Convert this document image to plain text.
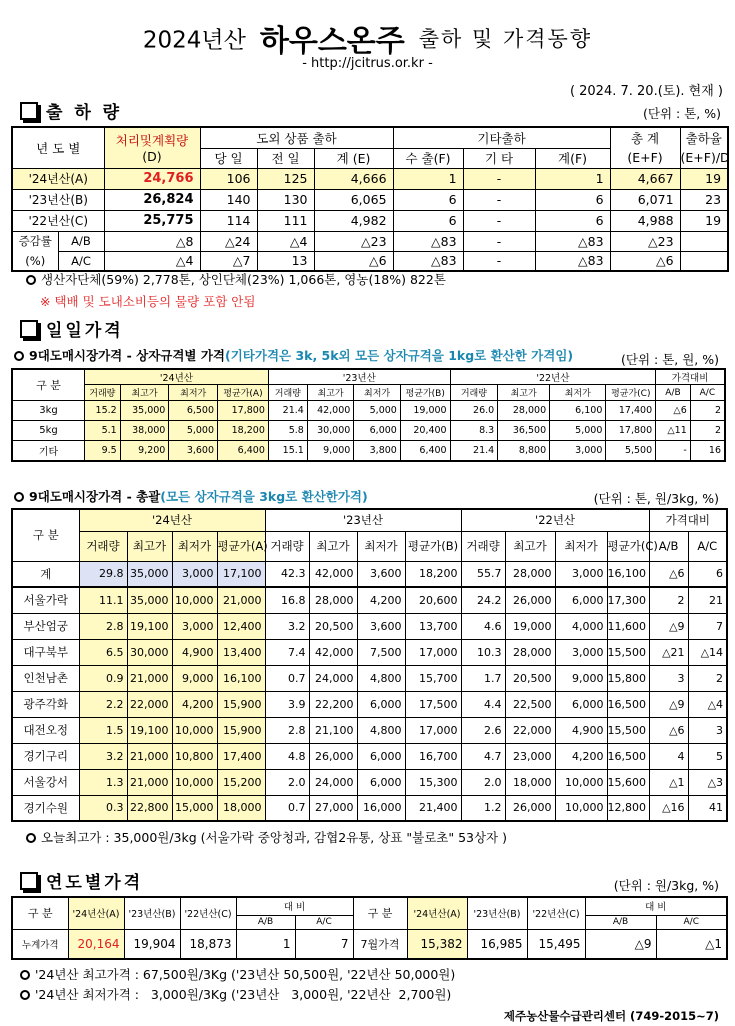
2024년산 하우스온주 출하 및 가격동향
- http://jcitrus.or.kr -
( 2024. 7. 20.(토). 현재 )
출 하 량	(단위 : 톤, %)
년 도 별		처리및계획량
(D)	도외 상품 출하			기타출하			총 계	출하율
			당 일	전 일	계 (E)	수 출(F)	기 타	계(F)	(E+F)	(E+F)/D
'24년산(A)		24,766	106	125	4,666	1	-	1	4,667	19
'23년산(B)		26,824	140	130	6,065	6	-	6	6,071	23
'22년산(C)		25,775	114	111	4,982	6	-	6	4,988	19
증감률	A/B	△8	△24	△4	△23	△83	-	△83	△23	
(%)	A/C	△4	△7	13	△6	△83	-	△83	△6	
생산자단체(59%) 2,778톤, 상인단체(23%) 1,066톤, 영농(18%) 822톤
※ 택배 및 도내소비등의 물량 포함 안됨
일일가격
9대도매시장가격 - 상자규격별 가격(기타가격은 3k, 5k외 모든 상자규격을 1kg로 환산한 가격임)	(단위 : 톤, 원, %)
구 분	'24년산				'23년산				'22년산				가격대비	
	거래량	최고가	최저가	평균가(A)	거래량	최고가	최저가	평균가(B)	거래량	최고가	최저가	평균가(C)	A/B	A/C
3kg	15.2	35,000	6,500	17,800	21.4	42,000	5,000	19,000	26.0	28,000	6,100	17,400	△6	2
5kg	5.1	38,000	5,000	18,200	5.8	30,000	6,000	20,400	8.3	36,500	5,000	17,800	△11	2
기타	9.5	9,200	3,600	6,400	15.1	9,000	3,800	6,400	21.4	8,800	3,000	5,500	-	16
9대도매시장가격 - 총괄(모든 상자규격을 3kg로 환산한가격)	(단위 : 톤, 원/3kg, %)
구 분	'24년산				'23년산				'22년산				가격대비	
	거래량	최고가	최저가	평균가(A)	거래량	최고가	최저가	평균가(B)	거래량	최고가	최저가	평균가(C)	A/B	A/C
계	29.8	35,000	3,000	17,100	42.3	42,000	3,600	18,200	55.7	28,000	3,000	16,100	△6	6
서울가락	11.1	35,000	10,000	21,000	16.8	28,000	4,200	20,600	24.2	26,000	6,000	17,300	2	21
부산엄궁	2.8	19,100	3,000	12,400	3.2	20,500	3,600	13,700	4.6	19,000	4,000	11,600	△9	7
대구북부	6.5	30,000	4,900	13,400	7.4	42,000	7,500	17,000	10.3	28,000	3,000	15,500	△21	△14
인천남촌	0.9	21,000	9,000	16,100	0.7	24,000	4,800	15,700	1.7	20,500	9,000	15,800	3	2
광주각화	2.2	22,000	4,200	15,900	3.9	22,200	6,000	17,500	4.4	22,500	6,000	16,500	△9	△4
대전오정	1.5	19,100	10,000	15,900	2.8	21,100	4,800	17,000	2.6	22,000	4,900	15,500	△6	3
경기구리	3.2	21,000	10,800	17,400	4.8	26,000	6,000	16,700	4.7	23,000	4,200	16,500	4	5
서울강서	1.3	21,000	10,000	15,200	2.0	24,000	6,000	15,300	2.0	18,000	10,000	15,600	△1	△3
경기수원	0.3	22,800	15,000	18,000	0.7	27,000	16,000	21,400	1.2	26,000	10,000	12,800	△16	41
오늘최고가 : 35,000원/3kg (서울가락 중앙청과, 감협2유통, 상표 "불로초" 53상자 )
연도별가격	(단위 : 원/3kg, %)
구 분	'24년산(A)	'23년산(B)	'22년산(C)	대 비		구 분	'24년산(A)	'23년산(B)	'22년산(C)	대 비	
				A/B	A/C					A/B	A/C
누계가격	20,164	19,904	18,873	1	7	7월가격	15,382	16,985	15,495	△9	△1
'24년산 최고가격 : 67,500원/3Kg ('23년산 50,500원, '22년산 50,000원)
'24년산 최저가격 :   3,000원/3Kg ('23년산   3,000원, '22년산  2,700원)
제주농산물수급관리센터 (749-2015~7)
